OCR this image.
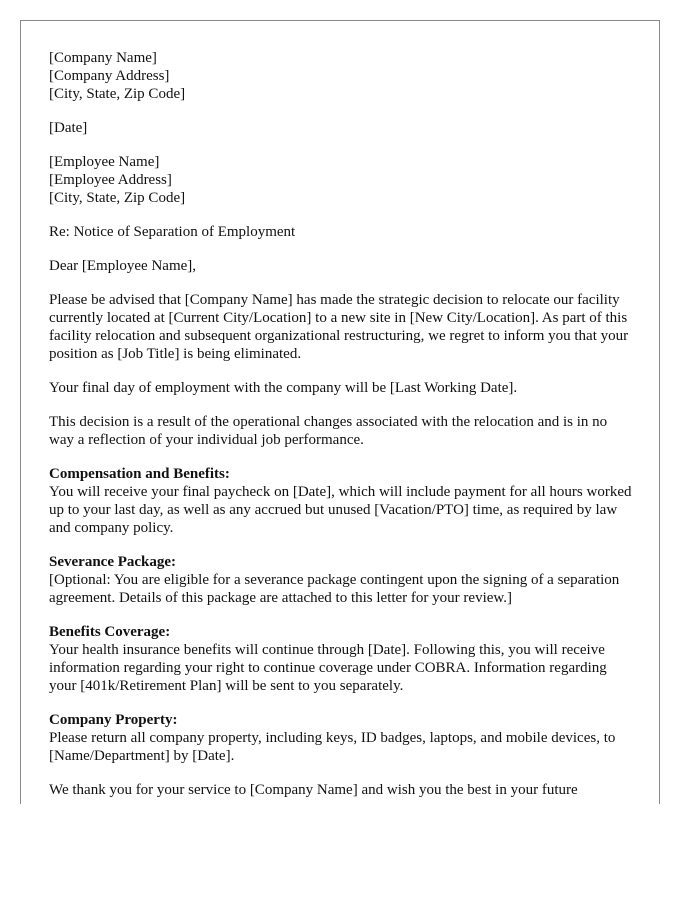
[Company Name]
[Company Address]
[City, State, Zip Code]
[Date]
[Employee Name]
[Employee Address]
[City, State, Zip Code]

Re: Notice of Separation of Employment

Dear [Employee Name],

Please be advised that [Company Name] has made the strategic decision to relocate our facility currently located at [Current City/Location] to a new site in [New City/Location]. As part of this facility relocation and subsequent organizational restructuring, we regret to inform you that your position as [Job Title] is being eliminated.

Your final day of employment with the company will be [Last Working Date].

This decision is a result of the operational changes associated with the relocation and is in no way a reflection of your individual job performance.

Compensation and Benefits:
You will receive your final paycheck on [Date], which will include payment for all hours worked up to your last day, as well as any accrued but unused [Vacation/PTO] time, as required by law and company policy.
Severance Package:
[Optional: You are eligible for a severance package contingent upon the signing of a separation agreement. Details of this package are attached to this letter for your review.]
Benefits Coverage:
Your health insurance benefits will continue through [Date]. Following this, you will receive information regarding your right to continue coverage under COBRA. Information regarding your [401k/Retirement Plan] will be sent to you separately.
Company Property:
Please return all company property, including keys, ID badges, laptops, and mobile devices, to [Name/Department] by [Date].

We thank you for your service to [Company Name] and wish you the best in your future
